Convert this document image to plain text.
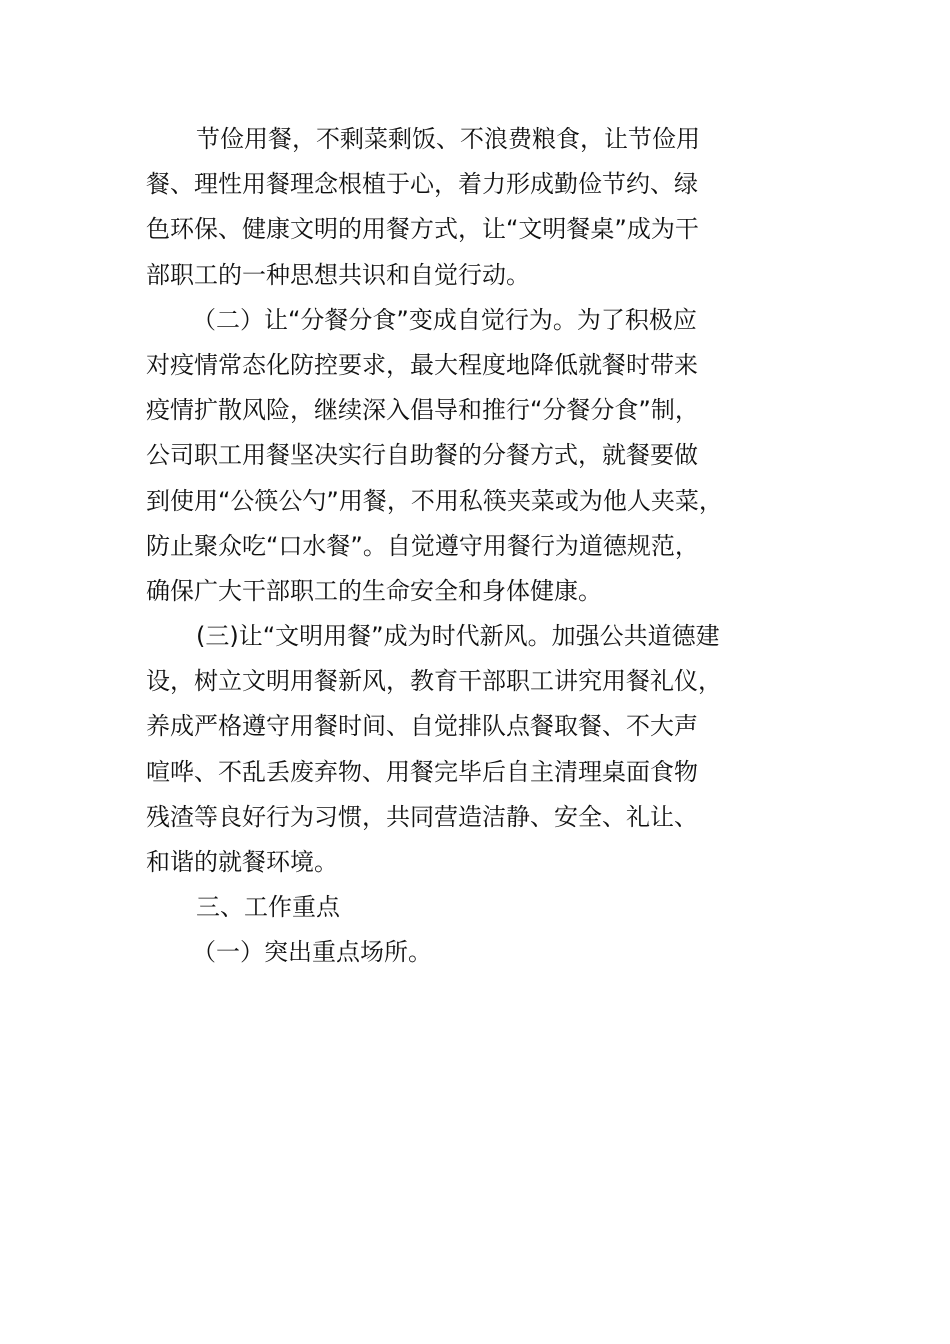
节俭用餐，不剩菜剩饭、不浪费粮食，让节俭用
餐、理性用餐理念根植于心，着力形成勤俭节约、绿
色环保、健康文明的用餐方式，让“文明餐桌”成为干
部职工的一种思想共识和自觉行动。
（二）让“分餐分食”变成自觉行为。为了积极应
对疫情常态化防控要求，最大程度地降低就餐时带来
疫情扩散风险，继续深入倡导和推行“分餐分食”制，
公司职工用餐坚决实行自助餐的分餐方式，就餐要做
到使用“公筷公勺”用餐，不用私筷夹菜或为他人夹菜，
防止聚众吃“口水餐”。自觉遵守用餐行为道德规范，
确保广大干部职工的生命安全和身体健康。
(三)让“文明用餐”成为时代新风。加强公共道德建
设，树立文明用餐新风，教育干部职工讲究用餐礼仪，
养成严格遵守用餐时间、自觉排队点餐取餐、不大声
喧哗、不乱丢废弃物、用餐完毕后自主清理桌面食物
残渣等良好行为习惯，共同营造洁静、安全、礼让、
和谐的就餐环境。
三、工作重点
（一）突出重点场所。
